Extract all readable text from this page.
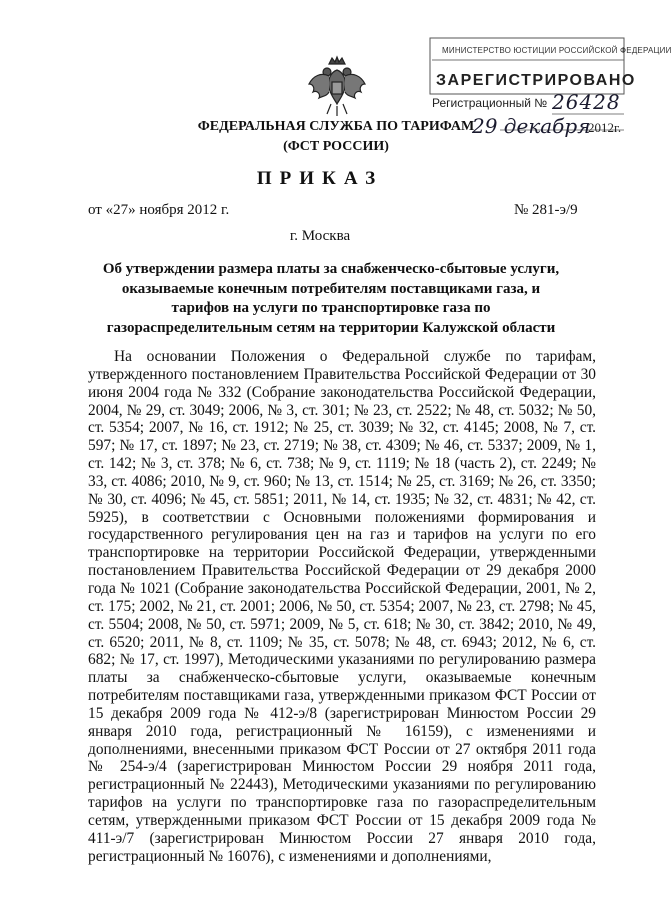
МИНИСТЕРСТВО ЮСТИЦИИ РОССИЙСКОЙ ФЕДЕРАЦИИ
ЗАРЕГИСТРИРОВАНО
Регистрационный № 26428
29 декабря
2012г.
ФЕДЕРАЛЬНАЯ СЛУЖБА ПО ТАРИФАМ
(ФСТ РОССИИ)
ПРИКАЗ
от «27» ноября 2012 г.	№ 281-э/9
г. Москва
Об утверждении размера платы за снабженческо-сбытовые услуги, оказываемые конечным потребителям поставщиками газа, и тарифов на услуги по транспортировке газа по газораспределительным сетям на территории Калужской области

На основании Положения о Федеральной службе по тарифам, утвержденного постановлением Правительства Российской Федерации от 30 июня 2004 года № 332 (Собрание законодательства Российской Федерации, 2004, № 29, ст. 3049; 2006, № 3, ст. 301; № 23, ст. 2522; № 48, ст. 5032; № 50, ст. 5354; 2007, № 16, ст. 1912; № 25, ст. 3039; № 32, ст. 4145; 2008, № 7, ст. 597; № 17, ст. 1897; № 23, ст. 2719; № 38, ст. 4309; № 46, ст. 5337; 2009, № 1, ст. 142; № 3, ст. 378; № 6, ст. 738; № 9, ст. 1119; № 18 (часть 2), ст. 2249; № 33, ст. 4086; 2010, № 9, ст. 960; № 13, ст. 1514; № 25, ст. 3169; № 26, ст. 3350; № 30, ст. 4096; № 45, ст. 5851; 2011, № 14, ст. 1935; № 32, ст. 4831; № 42, ст. 5925), в соответствии с Основными положениями формирования и государственного регулирования цен на газ и тарифов на услуги по его транспортировке на территории Российской Федерации, утвержденными постановлением Правительства Российской Федерации от 29 декабря 2000 года № 1021 (Собрание законодательства Российской Федерации, 2001, № 2, ст. 175; 2002, № 21, ст. 2001; 2006, № 50, ст. 5354; 2007, № 23, ст. 2798; № 45, ст. 5504; 2008, № 50, ст. 5971; 2009, № 5, ст. 618; № 30, ст. 3842; 2010, № 49, ст. 6520; 2011, № 8, ст. 1109; № 35, ст. 5078; № 48, ст. 6943; 2012, № 6, ст. 682; № 17, ст. 1997), Методическими указаниями по регулированию размера платы за снабженческо-сбытовые услуги, оказываемые конечным потребителям поставщиками газа, утвержденными приказом ФСТ России от 15 декабря 2009 года № 412-э/8 (зарегистрирован Минюстом России 29 января 2010 года, регистрационный № 16159), с изменениями и дополнениями, внесенными приказом ФСТ России от 27 октября 2011 года № 254-э/4 (зарегистрирован Минюстом России 29 ноября 2011 года, регистрационный № 22443), Методическими указаниями по регулированию тарифов на услуги по транспортировке газа по газораспределительным сетям, утвержденными приказом ФСТ России от 15 декабря 2009 года № 411-э/7 (зарегистрирован Минюстом России 27 января 2010 года, регистрационный № 16076), с изменениями и дополнениями,
